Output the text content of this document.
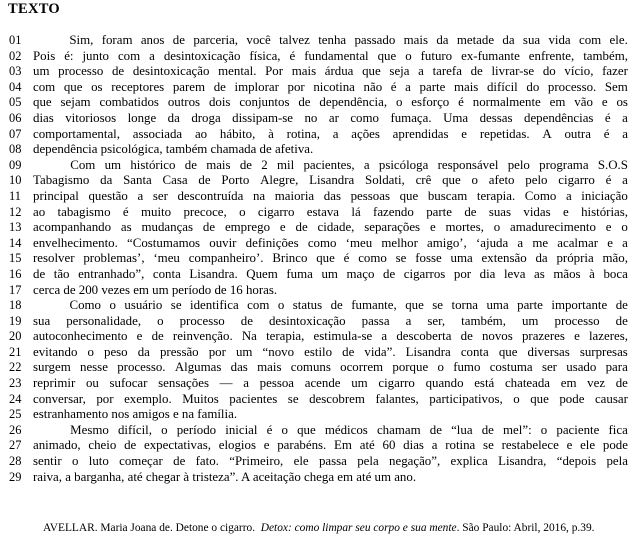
TEXTO
01	Sim, foram anos de parceria, você talvez tenha passado mais da metade da sua vida com ele.
02 Pois é: junto com a desintoxicação física, é fundamental que o futuro ex-fumante enfrente, também,
03 um processo de desintoxicação mental. Por mais árdua que seja a tarefa de livrar-se do vício, fazer
04 com que os receptores parem de implorar por nicotina não é a parte mais difícil do processo. Sem
05 que sejam combatidos outros dois conjuntos de dependência, o esforço é normalmente em vão e os
06 dias vitoriosos longe da droga dissipam-se no ar como fumaça. Uma dessas dependências é a
07 comportamental, associada ao hábito, à rotina, a ações aprendidas e repetidas. A outra é a
08 dependência psicológica, também chamada de afetiva.
09	Com um histórico de mais de 2 mil pacientes, a psicóloga responsável pelo programa S.O.S
10 Tabagismo da Santa Casa de Porto Alegre, Lisandra Soldati, crê que o afeto pelo cigarro é a
11 principal questão a ser descontruída na maioria das pessoas que buscam terapia. Como a iniciação
12 ao tabagismo é muito precoce, o cigarro estava lá fazendo parte de suas vidas e histórias,
13 acompanhando as mudanças de emprego e de cidade, separações e mortes, o amadurecimento e o
14 envelhecimento. “Costumamos ouvir definições como ‘meu melhor amigo’, ‘ajuda a me acalmar e a
15 resolver problemas’, ‘meu companheiro’. Brinco que é como se fosse uma extensão da própria mão,
16 de tão entranhado”, conta Lisandra. Quem fuma um maço de cigarros por dia leva as mãos à boca
17 cerca de 200 vezes em um período de 16 horas.
18	Como o usuário se identifica com o status de fumante, que se torna uma parte importante de
19 sua personalidade, o processo de desintoxicação passa a ser, também, um processo de
20 autoconhecimento e de reinvenção. Na terapia, estimula-se a descoberta de novos prazeres e lazeres,
21 evitando o peso da pressão por um “novo estilo de vida”. Lisandra conta que diversas surpresas
22 surgem nesse processo. Algumas das mais comuns ocorrem porque o fumo costuma ser usado para
23 reprimir ou sufocar sensações — a pessoa acende um cigarro quando está chateada em vez de
24 conversar, por exemplo. Muitos pacientes se descobrem falantes, participativos, o que pode causar
25 estranhamento nos amigos e na família.
26	Mesmo difícil, o período inicial é o que médicos chamam de “lua de mel”: o paciente fica
27 animado, cheio de expectativas, elogios e parabéns. Em até 60 dias a rotina se restabelece e ele pode
28 sentir o luto começar de fato. “Primeiro, ele passa pela negação”, explica Lisandra, “depois pela
29 raiva, a barganha, até chegar à tristeza”. A aceitação chega em até um ano.
AVELLAR. Maria Joana de. Detone o cigarro. Detox: como limpar seu corpo e sua mente. São Paulo: Abril, 2016, p.39.
